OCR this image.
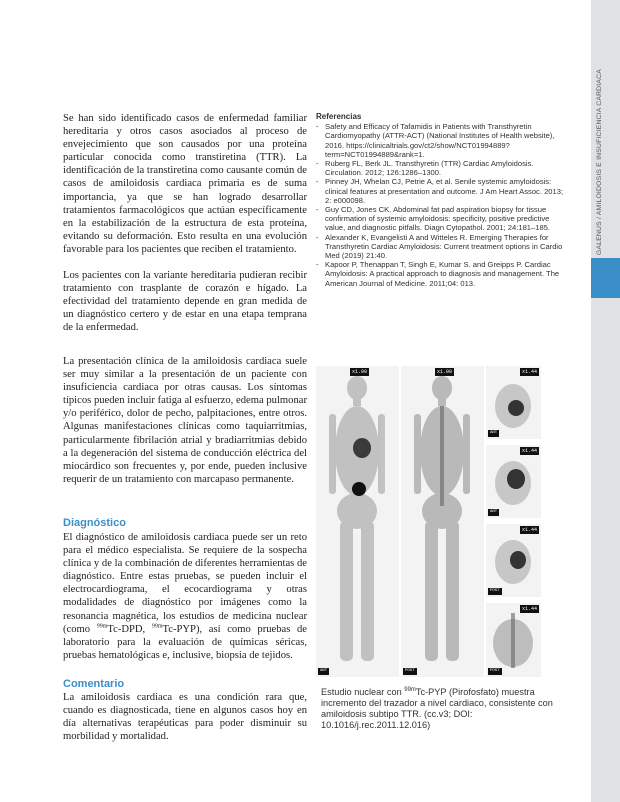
39
GALENUS / AMILOIDOSIS E INSUFICIENCIA CARDIACA

Se han sido identificado casos de enfermedad familiar hereditaria y otros casos asociados al proceso de envejecimiento que son causados por una proteína particular conocida como transtiretina (TTR). La identificación de la transtiretina como causante común de casos de amiloidosis cardiaca primaria es de suma importancia, ya que se han logrado desarrollar tratamientos farmacológicos que actúan específicamente en la estabilización de la estructura de esta proteína, evitando su deformación. Esto resulta en una evolución favorable para los pacientes que reciben el tratamiento.

Los pacientes con la variante hereditaria pudieran recibir tratamiento con trasplante de corazón e hígado. La efectividad del tratamiento depende en gran medida de un diagnóstico certero y de estar en una etapa temprana de la enfermedad.

La presentación clínica de la amiloidosis cardiaca suele ser muy similar a la presentación de un paciente con insuficiencia cardiaca por otras causas. Los síntomas típicos pueden incluir fatiga al esfuerzo, edema pulmonar y/o periférico, dolor de pecho, palpitaciones, entre otros. Algunas manifestaciones clínicas como taquiarritmias, particularmente fibrilación atrial y bradiarritmias debido a la degeneración del sistema de conducción eléctrica del miocárdico son frecuentes y, por ende, pueden inclusive requerir de un tratamiento con marcapaso permanente.

Diagnóstico

El diagnóstico de amiloidosis cardiaca puede ser un reto para el médico especialista. Se requiere de la sospecha clínica y de la combinación de diferentes herramientas de diagnóstico. Entre estas pruebas, se pueden incluir el electrocardiograma, el ecocardiograma y otras modalidades de diagnóstico por imágenes como la resonancia magnética, los estudios de medicina nuclear (como $^{99m}$Tc-DPD, $^{99m}$Tc-PYP), así como pruebas de laboratorio para la evaluación de químicas séricas, pruebas hematológicas e, inclusive, biopsia de tejidos.

Comentario

La amiloidosis cardiaca es una condición rara que, cuando es diagnosticada, tiene en algunos casos hoy en día alternativas terapéuticas para poder disminuir su morbilidad y mortalidad.

Referencias

- Safety and Efficacy of Tafamidis in Patients with Transthyretin Cardiomyopathy (ATTR-ACT) (National Institutes of Health website), 2016. https://clinicaltrials.gov/ct2/show/NCT01994889?term=NCT01994889&rank=1.
- Ruberg FL, Berk JL. Transthyretin (TTR) Cardiac Amyloidosis. Circulation. 2012; 126:1286–1300.
- Pinney JH, Whelan CJ, Petrie A, et al. Senile systemic amyloidosis: clinical features at presentation and outcome. J Am Heart Assoc. 2013; 2: e000098.
- Guy CD, Jones CK. Abdominal fat pad aspiration biopsy for tissue confirmation of systemic amyloidosis: specificity, positive predictive value, and diagnostic pitfalls. Diagn Cytopathol. 2001; 24:181–185.
- Alexander K, Evangelisti A and Witteles R. Emerging Therapies for Transthyretin Cardiac Amyloidosis: Current treatment options in Cardio Med (2019) 21:40.
- Kapoor P, Thenappan T, Singh E, Kumar S. and Greipps P. Cardiac Amyloidosis: A practical approach to diagnosis and management. The American Journal of Medicine. 2011;04: 013.
x1.00
ANT
x1.00
POST
x1.44
ANT
x1.44
ANT
x1.44
POST
x1.44
POST
Estudio nuclear con $^{99m}$Tc-PYP (Pirofosfato) muestra incremento del trazador a nivel cardiaco, consistente con amiloidosis subtipo TTR. (cc.v3; DOI: 10.1016/j.rec.2011.12.016)
